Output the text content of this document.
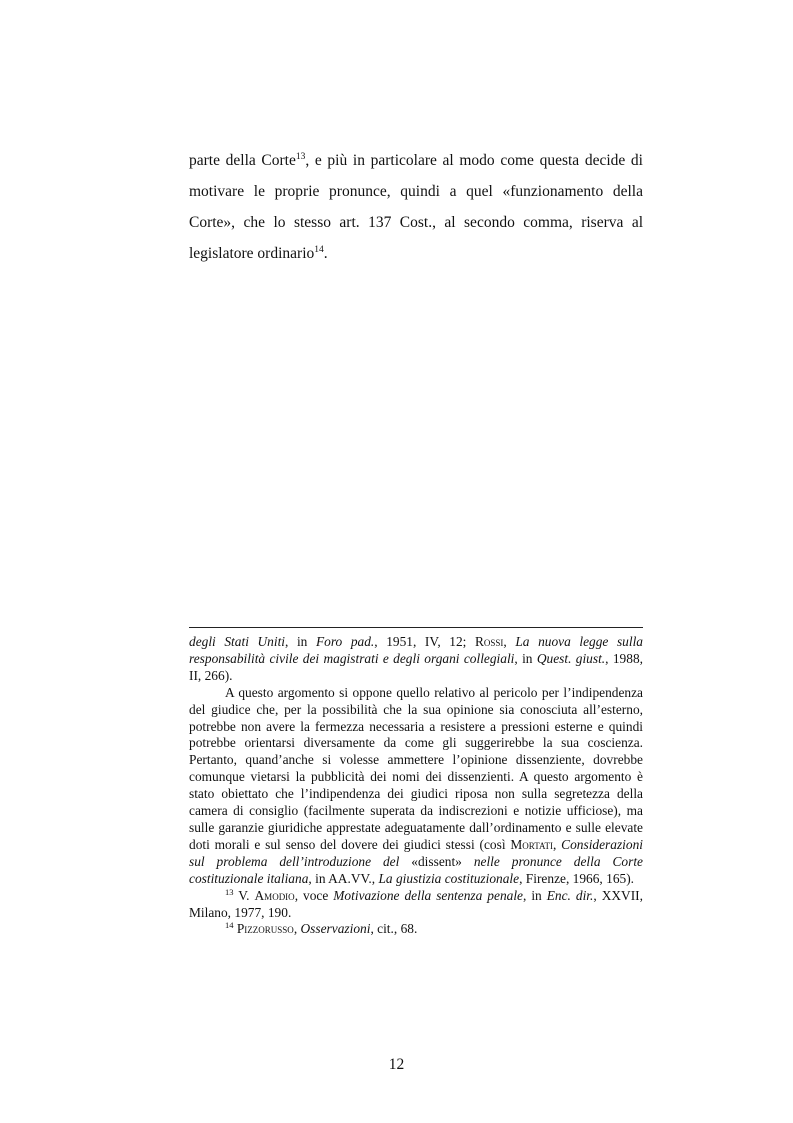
parte della Corte$^{13}$, e più in particolare al modo come questa decide di motivare le proprie pronunce, quindi a quel «funzionamento della Corte», che lo stesso art. 137 Cost., al secondo comma, riserva al legislatore ordinario$^{14}$.

degli Stati Uniti, in Foro pad., 1951, IV, 12; Rossi, La nuova legge sulla responsabilità civile dei magistrati e degli organi collegiali, in Quest. giust., 1988, II, 266).

A questo argomento si oppone quello relativo al pericolo per l’indipendenza del giudice che, per la possibilità che la sua opinione sia conosciuta all’esterno, potrebbe non avere la fermezza necessaria a resistere a pressioni esterne e quindi potrebbe orientarsi diversamente da come gli suggerirebbe la sua coscienza. Pertanto, quand’anche si volesse ammettere l’opinione dissenziente, dovrebbe comunque vietarsi la pubblicità dei nomi dei dissenzienti. A questo argomento è stato obiettato che l’indipendenza dei giudici riposa non sulla segretezza della camera di consiglio (facilmente superata da indiscrezioni e notizie ufficiose), ma sulle garanzie giuridiche apprestate adeguatamente dall’ordinamento e sulle elevate doti morali e sul senso del dovere dei giudici stessi (così Mortati, Considerazioni sul problema dell’introduzione del «dissent» nelle pronunce della Corte costituzionale italiana, in AA.VV., La giustizia costituzionale, Firenze, 1966, 165).

$^{13}$ V. Amodio, voce Motivazione della sentenza penale, in Enc. dir., XXVII, Milano, 1977, 190.

$^{14}$ Pizzorusso, Osservazioni, cit., 68.

12
